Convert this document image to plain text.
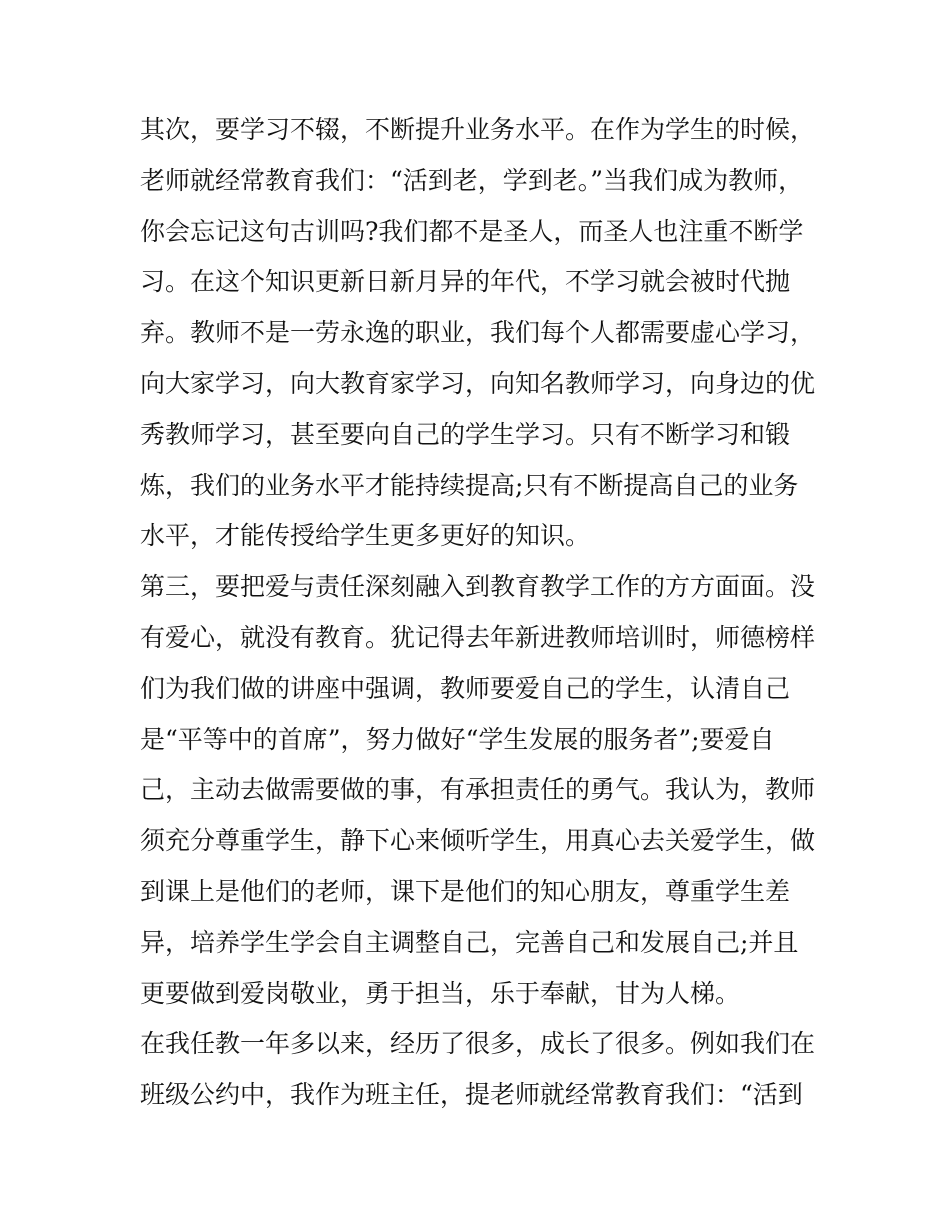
其次，要学习不辍，不断提升业务水平。在作为学生的时候，
老师就经常教育我们：“活到老，学到老。”当我们成为教师，
你会忘记这句古训吗?我们都不是圣人，而圣人也注重不断学
习。在这个知识更新日新月异的年代，不学习就会被时代抛
弃。教师不是一劳永逸的职业，我们每个人都需要虚心学习，
向大家学习，向大教育家学习，向知名教师学习，向身边的优
秀教师学习，甚至要向自己的学生学习。只有不断学习和锻
炼，我们的业务水平才能持续提高;只有不断提高自己的业务
水平，才能传授给学生更多更好的知识。
第三，要把爱与责任深刻融入到教育教学工作的方方面面。没
有爱心，就没有教育。犹记得去年新进教师培训时，师德榜样
们为我们做的讲座中强调，教师要爱自己的学生，认清自己
是“平等中的首席”，努力做好“学生发展的服务者”;要爱自
己，主动去做需要做的事，有承担责任的勇气。我认为，教师
须充分尊重学生，静下心来倾听学生，用真心去关爱学生，做
到课上是他们的老师，课下是他们的知心朋友，尊重学生差
异，培养学生学会自主调整自己，完善自己和发展自己;并且
更要做到爱岗敬业，勇于担当，乐于奉献，甘为人梯。
在我任教一年多以来，经历了很多，成长了很多。例如我们在
班级公约中，我作为班主任，提老师就经常教育我们：“活到
